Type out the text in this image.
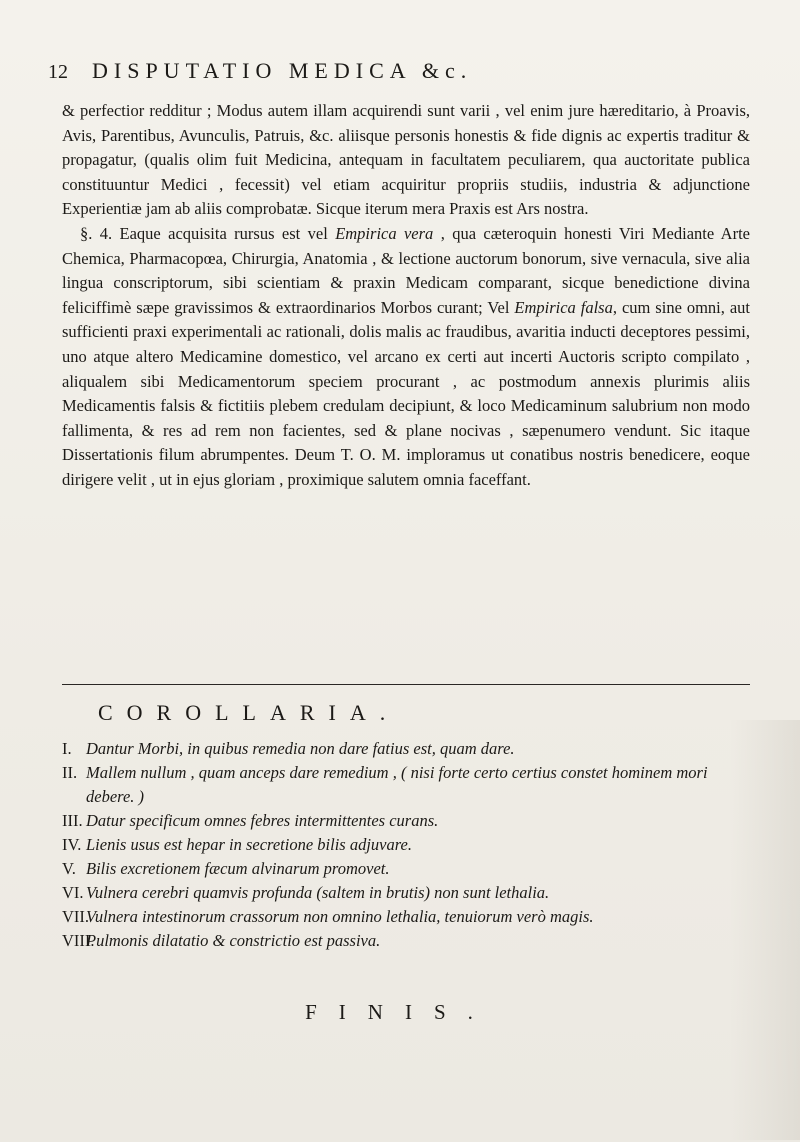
12 DISPUTATIO MEDICA &c.

& perfectior redditur ; Modus autem illam acquirendi sunt varii , vel enim jure hæreditario, à Proavis, Avis, Parentibus, Avunculis, Patruis, &c. aliisque personis honestis & fide dignis ac expertis traditur & propagatur, (qualis olim fuit Medicina, antequam in facultatem peculiarem, qua auctoritate publica constituuntur Medici , fecessit) vel etiam acquiritur propriis studiis, industria & adjunctione Experientiæ jam ab aliis comprobatæ. Sicque iterum mera Praxis est Ars nostra.

§. 4. Eaque acquisita rursus est vel Empirica vera , qua cæteroquin honesti Viri Mediante Arte Chemica, Pharmacopœa, Chirurgia, Anatomia , & lectione auctorum bonorum, sive vernacula, sive alia lingua conscriptorum, sibi scientiam & praxin Medicam comparant, sicque benedictione divina feliciffimè sæpe gravissimos & extraordinarios Morbos curant; Vel Empirica falsa, cum sine omni, aut sufficienti praxi experimentali ac rationali, dolis malis ac fraudibus, avaritia inducti deceptores pessimi, uno atque altero Medicamine domestico, vel arcano ex certi aut incerti Auctoris scripto compilato , aliqualem sibi Medicamentorum speciem procurant , ac postmodum annexis plurimis aliis Medicamentis falsis & fictitiis plebem credulam decipiunt, & loco Medicaminum salubrium non modo fallimenta, & res ad rem non facientes, sed & plane nocivas , sæpenumero vendunt. Sic itaque Dissertationis filum abrumpentes. Deum T. O. M. imploramus ut conatibus nostris benedicere, eoque dirigere velit , ut in ejus gloriam , proximique salutem omnia faceffant.

COROLLARIA.
I. Dantur Morbi, in quibus remedia non dare fatius est, quam dare.
II. Mallem nullum , quam anceps dare remedium , ( nisi forte certo certius constet hominem mori debere. )
III. Datur specificum omnes febres intermittentes curans.
IV. Lienis usus est hepar in secretione bilis adjuvare.
V. Bilis excretionem fæcum alvinarum promovet.
VI. Vulnera cerebri quamvis profunda (saltem in brutis) non sunt lethalia.
VII.
Vulnera intestinorum crassorum non omnino lethalia, tenuiorum verò magis.
VIII.
Pulmonis dilatatio & constrictio est passiva.
FINIS.
